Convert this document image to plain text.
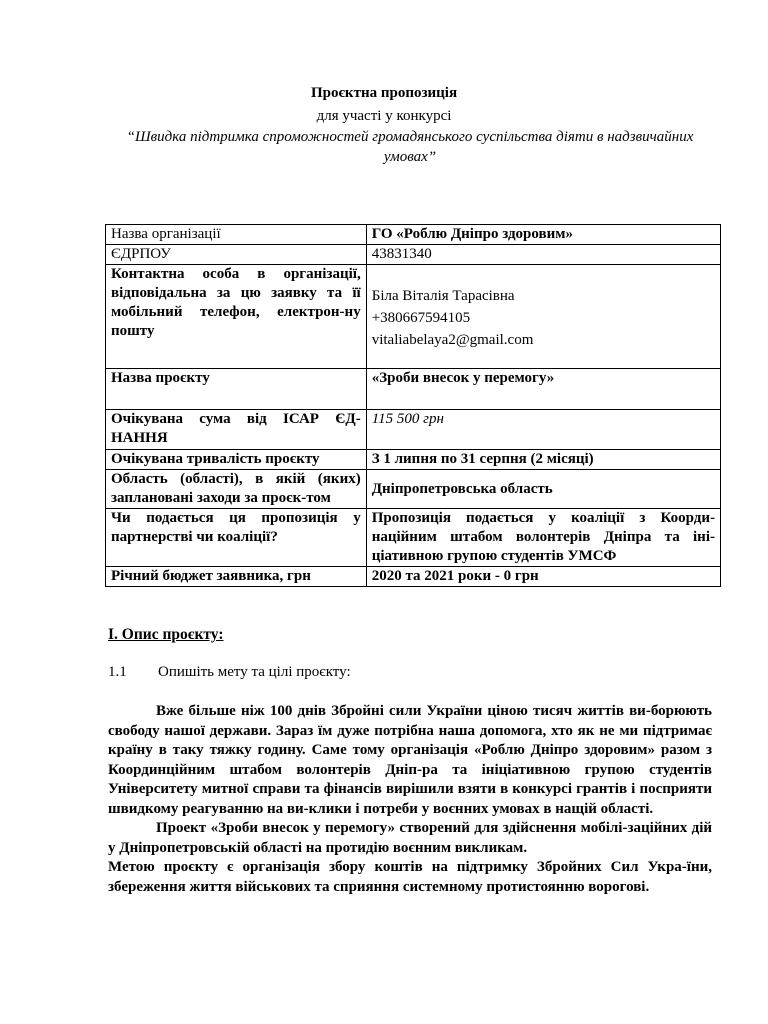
Проєктна пропозиція
для участі у конкурсі
“Швидка підтримка спроможностей громадянського суспільства діяти в надзвичайних умовах”
Назва організації	ГО «Роблю Дніпро здоровим»
ЄДРПОУ	43831340
Контактна особа в організації, відповідальна за цю заявку та її мобільний телефон, електрон-ну пошту	Біла Віталія Тарасівна
+380667594105
vitaliabelaya2@gmail.com

Назва проєкту	«Зроби внесок у перемогу»
Очікувана сума від ІСАР ЄД-НАННЯ	115 500 грн
Очікувана тривалість проєкту	З 1 липня по 31 серпня (2 місяці)
Область (області), в якій (яких) заплановані заходи за проєк-том	Дніпропетровська область
Чи подається ця пропозиція у партнерстві чи коаліції?	Пропозиція подається у коаліції з Коорди-наційним штабом волонтерів Дніпра та іні-ціативною групою студентів УМСФ
Річний бюджет заявника, грн	2020 та 2021 роки - 0 грн
I. Опис проєкту:
1.1 Опишіть мету та цілі проєкту:

Вже більше ніж 100 днів Збройні сили України ціною тисяч життів ви-борюють свободу нашої держави. Зараз їм дуже потрібна наша допомога, хто як не ми підтримає країну в таку тяжку годину. Саме тому організація «Роблю Дніпро здоровим» разом з Координційним штабом волонтерів Дніп-ра та ініціативною групою студентів Університету митної справи та фінансів вирішили взяти в конкурсі грантів і посприяти швидкому реагуванню на ви-клики і потреби у воєнних умовах в нащій області.

Проект «Зроби внесок у перемогу» створений для здійснення мобілі-заційних дій у Дніпропетровській області на протидію воєнним викликам.

Метою проєкту є організація збору коштів на підтримку Збройних Сил Укра-їни, збереження життя військових та сприяння системному протистоянню ворогові.
